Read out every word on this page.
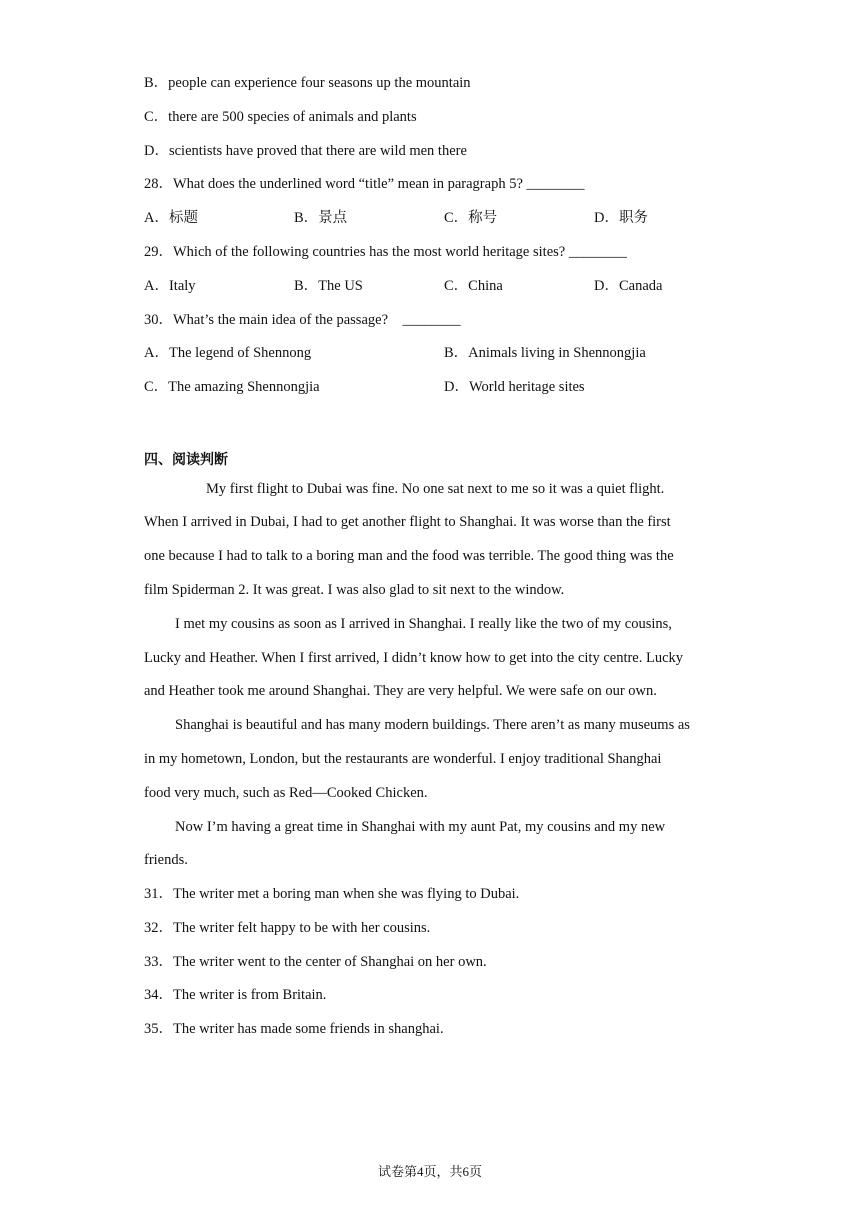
B．people can experience four seasons up the mountain
C．there are 500 species of animals and plants
D．scientists have proved that there are wild men there
28．What does the underlined word “title” mean in paragraph 5? ________
A．标题	B．景点	C．称号	D．职务
29．Which of the following countries has the most world heritage sites? ________
A．Italy	B．The US	C．China	D．Canada
30．What’s the main idea of the passage?　________
A．The legend of Shennong	B．Animals living in Shennongjia
C．The amazing Shennongjia	D．World heritage sites
四、阅读判断
My first flight to Dubai was fine. No one sat next to me so it was a quiet flight.
When I arrived in Dubai, I had to get another flight to Shanghai. It was worse than the first
one because I had to talk to a boring man and the food was terrible. The good thing was the
film Spiderman 2. It was great. I was also glad to sit next to the window.
I met my cousins as soon as I arrived in Shanghai. I really like the two of my cousins,
Lucky and Heather. When I first arrived, I didn’t know how to get into the city centre. Lucky
and Heather took me around Shanghai. They are very helpful. We were safe on our own.
Shanghai is beautiful and has many modern buildings. There aren’t as many museums as
in my hometown, London, but the restaurants are wonderful. I enjoy traditional Shanghai
food very much, such as Red—Cooked Chicken.
Now I’m having a great time in Shanghai with my aunt Pat, my cousins and my new
friends.
31．The writer met a boring man when she was flying to Dubai.
32．The writer felt happy to be with her cousins.
33．The writer went to the center of Shanghai on her own.
34．The writer is from Britain.
35．The writer has made some friends in shanghai.
试卷第4页，共6页
